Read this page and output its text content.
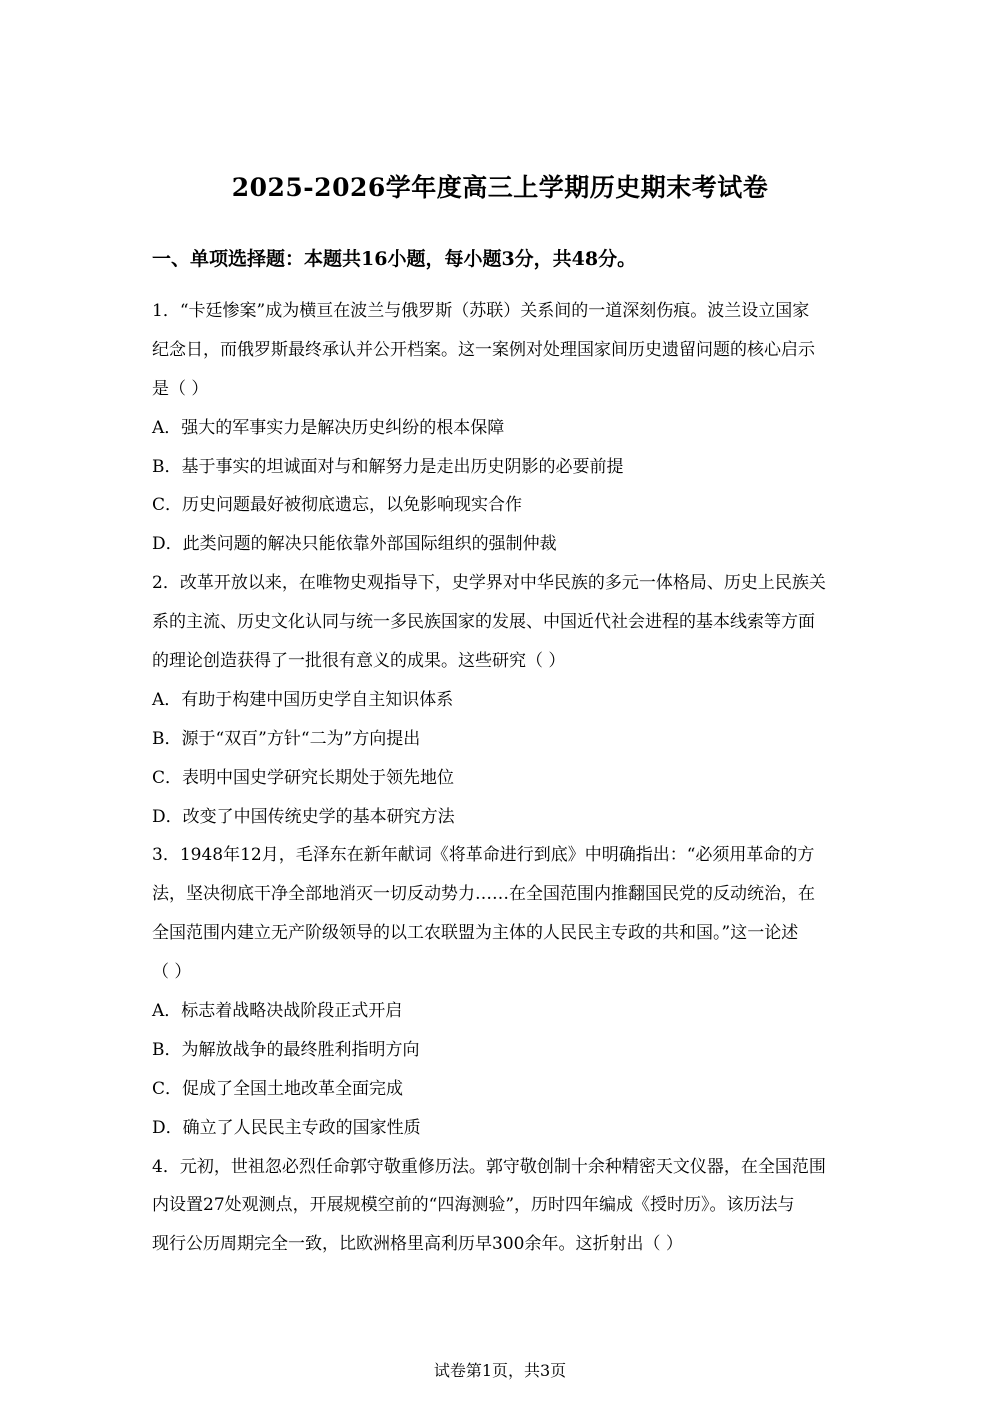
2025-2026学年度高三上学期历史期末考试卷
一、单项选择题：本题共16小题，每小题3分，共48分。
1．“卡廷惨案”成为横亘在波兰与俄罗斯（苏联）关系间的一道深刻伤痕。波兰设立国家
纪念日，而俄罗斯最终承认并公开档案。这一案例对处理国家间历史遗留问题的核心启示
是（ ）
A．强大的军事实力是解决历史纠纷的根本保障
B．基于事实的坦诚面对与和解努力是走出历史阴影的必要前提
C．历史问题最好被彻底遗忘，以免影响现实合作
D．此类问题的解决只能依靠外部国际组织的强制仲裁
2．改革开放以来，在唯物史观指导下，史学界对中华民族的多元一体格局、历史上民族关
系的主流、历史文化认同与统一多民族国家的发展、中国近代社会进程的基本线索等方面
的理论创造获得了一批很有意义的成果。这些研究（ ）
A．有助于构建中国历史学自主知识体系
B．源于“双百”方针“二为”方向提出
C．表明中国史学研究长期处于领先地位
D．改变了中国传统史学的基本研究方法
3．1948年12月，毛泽东在新年献词《将革命进行到底》中明确指出：“必须用革命的方
法，坚决彻底干净全部地消灭一切反动势力……在全国范围内推翻国民党的反动统治，在
全国范围内建立无产阶级领导的以工农联盟为主体的人民民主专政的共和国。”这一论述
（ ）
A．标志着战略决战阶段正式开启
B．为解放战争的最终胜利指明方向
C．促成了全国土地改革全面完成
D．确立了人民民主专政的国家性质
4．元初，世祖忽必烈任命郭守敬重修历法。郭守敬创制十余种精密天文仪器，在全国范围
内设置27处观测点，开展规模空前的“四海测验”，历时四年编成《授时历》。该历法与
现行公历周期完全一致，比欧洲格里高利历早300余年。这折射出（ ）
试卷第1页，共3页
